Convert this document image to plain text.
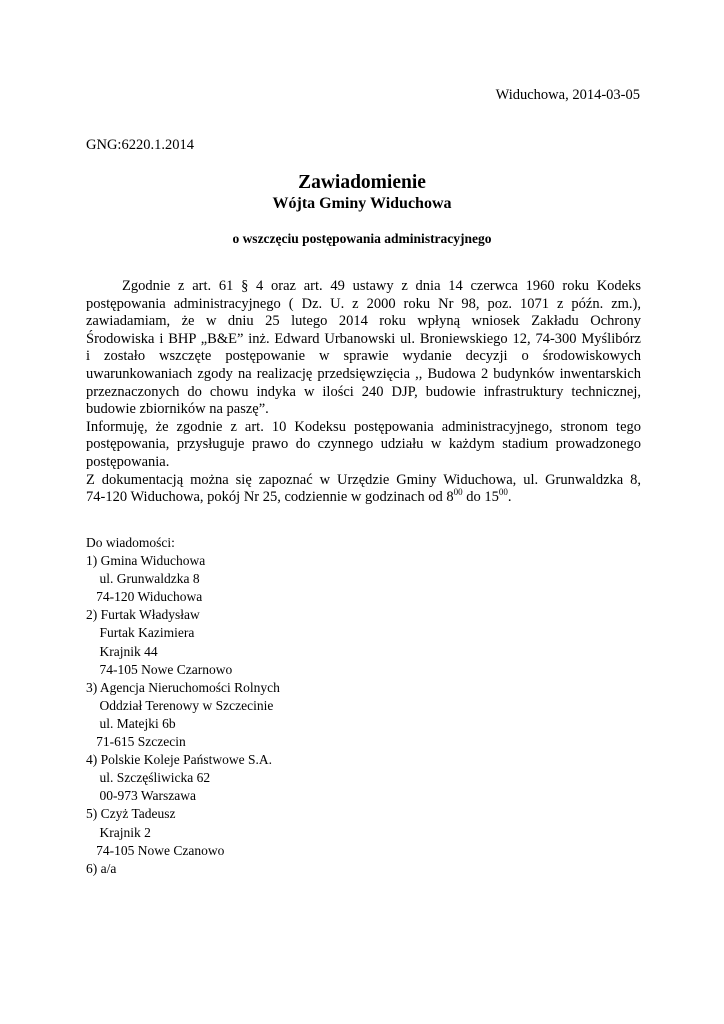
Widuchowa, 2014-03-05
GNG:6220.1.2014
Zawiadomienie
Wójta Gminy Widuchowa
o wszczęciu postępowania administracyjnego
Zgodnie z art. 61 § 4 oraz art. 49 ustawy z dnia 14 czerwca 1960 roku Kodeks
postępowania administracyjnego ( Dz. U. z 2000 roku Nr 98, poz. 1071 z późn. zm.),
zawiadamiam, że w dniu 25 lutego 2014 roku wpłyną wniosek Zakładu Ochrony
Środowiska i BHP „B&E” inż. Edward Urbanowski ul. Broniewskiego 12, 74-300 Myślibórz
i zostało wszczęte postępowanie w sprawie wydanie decyzji o środowiskowych
uwarunkowaniach zgody na realizację przedsięwzięcia ,, Budowa 2 budynków inwentarskich
przeznaczonych do chowu indyka w ilości 240 DJP, budowie infrastruktury technicznej,
budowie zbiorników na paszę”.
Informuję, że zgodnie z art. 10 Kodeksu postępowania administracyjnego, stronom tego
postępowania, przysługuje prawo do czynnego udziału w każdym stadium prowadzonego
postępowania.
Z dokumentacją można się zapoznać w Urzędzie Gminy Widuchowa, ul. Grunwaldzka 8,
74-120 Widuchowa, pokój Nr 25, codziennie w godzinach od $8^{00}$ do $15^{00}$.
Do wiadomości:
1) Gmina Widuchowa
ul. Grunwaldzka 8
74-120 Widuchowa
2) Furtak Władysław
Furtak Kazimiera
Krajnik 44
74-105 Nowe Czarnowo
3) Agencja Nieruchomości Rolnych
Oddział Terenowy w Szczecinie
ul. Matejki 6b
71-615 Szczecin
4) Polskie Koleje Państwowe S.A.
ul. Szczęśliwicka 62
00-973 Warszawa
5) Czyż Tadeusz
Krajnik 2
74-105 Nowe Czanowo
6) a/a
